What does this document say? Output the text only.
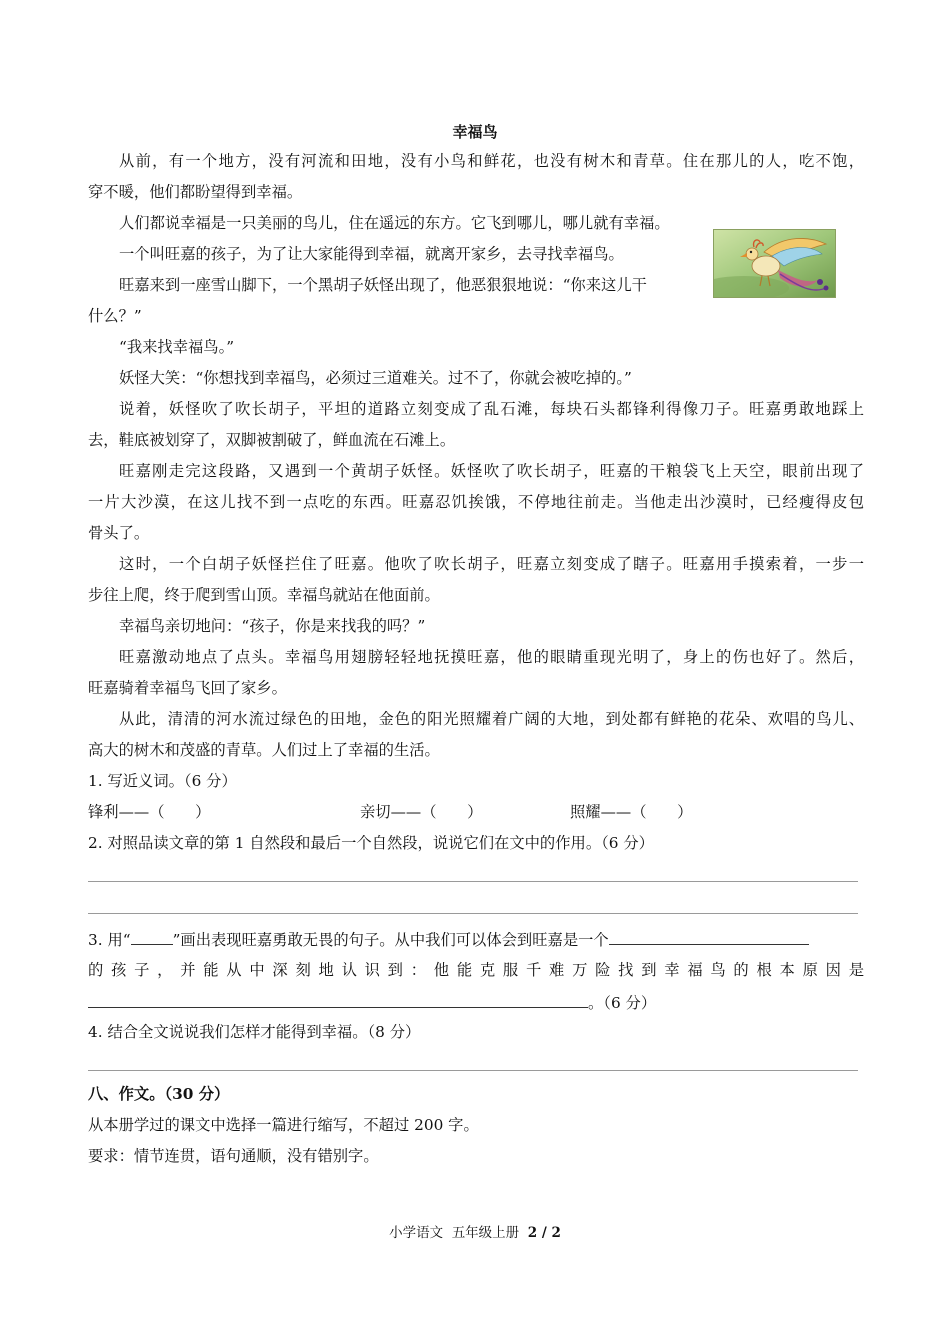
幸福鸟
从前，有一个地方，没有河流和田地，没有小鸟和鲜花，也没有树木和青草。住在那儿的人，吃不饱，
穿不暖，他们都盼望得到幸福。
人们都说幸福是一只美丽的鸟儿，住在遥远的东方。它飞到哪儿，哪儿就有幸福。
一个叫旺嘉的孩子，为了让大家能得到幸福，就离开家乡，去寻找幸福鸟。
旺嘉来到一座雪山脚下，一个黑胡子妖怪出现了，他恶狠狠地说：“你来这儿干
什么？”
“我来找幸福鸟。”
妖怪大笑：“你想找到幸福鸟，必须过三道难关。过不了，你就会被吃掉的。”
说着，妖怪吹了吹长胡子，平坦的道路立刻变成了乱石滩，每块石头都锋利得像刀子。旺嘉勇敢地踩上
去，鞋底被划穿了，双脚被割破了，鲜血流在石滩上。
旺嘉刚走完这段路，又遇到一个黄胡子妖怪。妖怪吹了吹长胡子，旺嘉的干粮袋飞上天空，眼前出现了
一片大沙漠，在这儿找不到一点吃的东西。旺嘉忍饥挨饿，不停地往前走。当他走出沙漠时，已经瘦得皮包
骨头了。
这时，一个白胡子妖怪拦住了旺嘉。他吹了吹长胡子，旺嘉立刻变成了瞎子。旺嘉用手摸索着，一步一
步往上爬，终于爬到雪山顶。幸福鸟就站在他面前。
幸福鸟亲切地问：“孩子，你是来找我的吗？”
旺嘉激动地点了点头。幸福鸟用翅膀轻轻地抚摸旺嘉，他的眼睛重现光明了，身上的伤也好了。然后，
旺嘉骑着幸福鸟飞回了家乡。
从此，清清的河水流过绿色的田地，金色的阳光照耀着广阔的大地，到处都有鲜艳的花朵、欢唱的鸟儿、
高大的树木和茂盛的青草。人们过上了幸福的生活。
1. 写近义词。（6 分）
锋利——（　　）	亲切——（　　）	照耀——（　　）
2. 对照品读文章的第 1 自然段和最后一个自然段，说说它们在文中的作用。（6 分）
3. 用“	”画出表现旺嘉勇敢无畏的句子。从中我们可以体会到旺嘉是一个
的孩子，并能从中深刻地认识到：他能克服千难万险找到幸福鸟的根本原因是
。（6 分）
4. 结合全文说说我们怎样才能得到幸福。（8 分）
八、作文。（30 分）
从本册学过的课文中选择一篇进行缩写，不超过 200 字。
要求：情节连贯，语句通顺，没有错别字。
小学语文 五年级上册 2 / 2
